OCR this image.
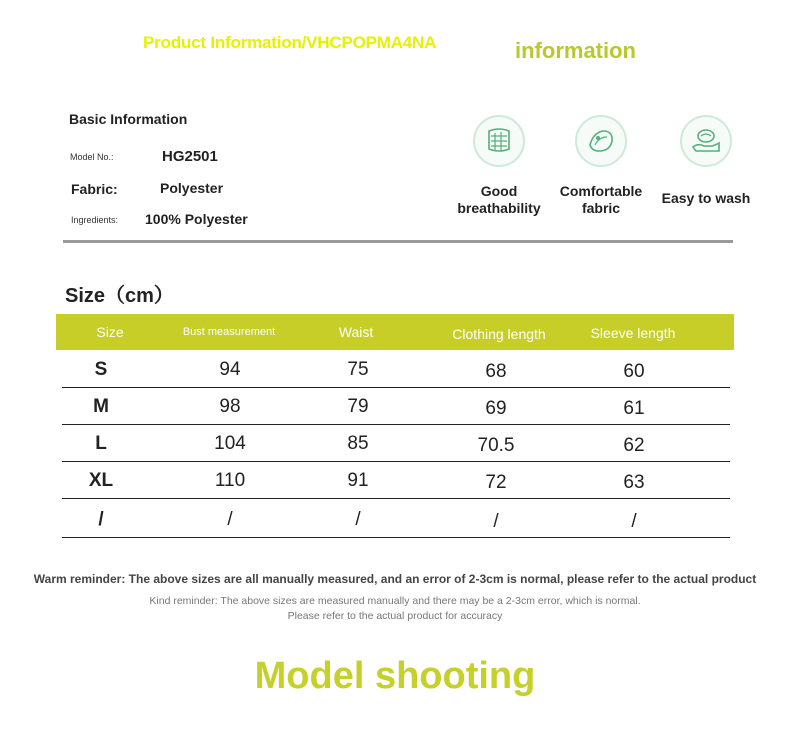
Product Information/VHCPOPMA4NA	information
Basic Information
Model No.:	HG2501
Fabric:	Polyester
Ingredients: 100% Polyester
Good
breathability
Comfortable
fabric
Easy to wash
Size（cm）
Size	Bust measurement	Waist	Clothing length	Sleeve length
S	94	75	68	60
M	98	79	69	61
L	104	85	70.5	62
XL	110	91	72	63
/	/	/	/	/
Warm reminder: The above sizes are all manually measured, and an error of 2-3cm is normal, please refer to the actual product
Kind reminder: The above sizes are measured manually and there may be a 2-3cm error, which is normal.
Please refer to the actual product for accuracy
Model shooting
